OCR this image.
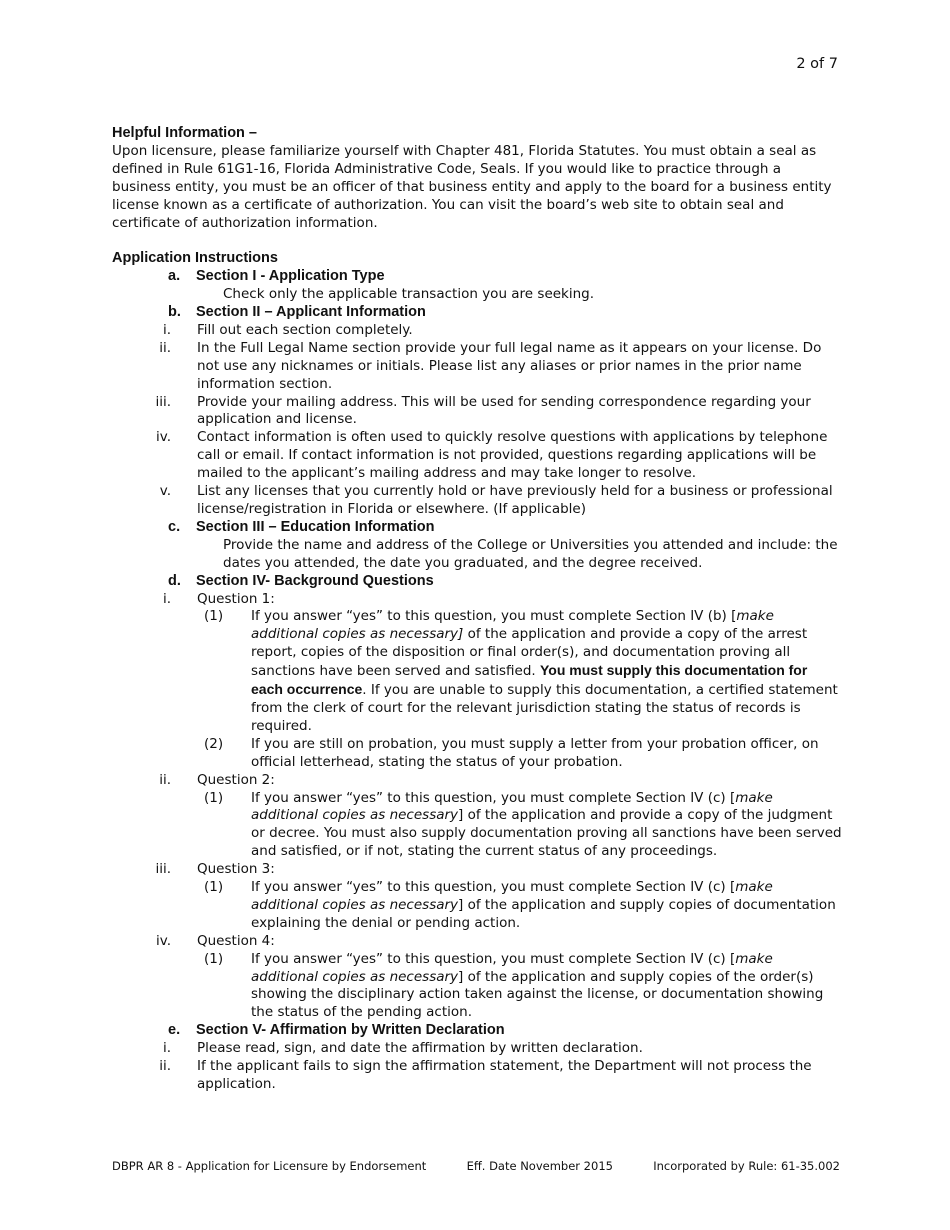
2 of 7
Helpful Information –

Upon licensure, please familiarize yourself with Chapter 481, Florida Statutes. You must obtain a seal as defined in Rule 61G1-16, Florida Administrative Code, Seals. If you would like to practice through a business entity, you must be an officer of that business entity and apply to the board for a business entity license known as a certificate of authorization. You can visit the board’s web site to obtain seal and certificate of authorization information.

Application Instructions
a.	Section I - Application Type
Check only the applicable transaction you are seeking.
b.	Section II – Applicant Information
i.	Fill out each section completely.
ii.	In the Full Legal Name section provide your full legal name as it appears on your license. Do not use any nicknames or initials. Please list any aliases or prior names in the prior name information section.
iii.	Provide your mailing address. This will be used for sending correspondence regarding your application and license.
iv.	Contact information is often used to quickly resolve questions with applications by telephone call or email. If contact information is not provided, questions regarding applications will be mailed to the applicant’s mailing address and may take longer to resolve.
v.	List any licenses that you currently hold or have previously held for a business or professional license/registration in Florida or elsewhere. (If applicable)
c.	Section III – Education Information
Provide the name and address of the College or Universities you attended and include: the dates you attended, the date you graduated, and the degree received.
d.	Section IV- Background Questions
i.	Question 1:
(1)	If you answer “yes” to this question, you must complete Section IV (b) [make additional copies as necessary] of the application and provide a copy of the arrest report, copies of the disposition or final order(s), and documentation proving all sanctions have been served and satisfied. You must supply this documentation for each occurrence. If you are unable to supply this documentation, a certified statement from the clerk of court for the relevant jurisdiction stating the status of records is required.
(2)	If you are still on probation, you must supply a letter from your probation officer, on official letterhead, stating the status of your probation.
ii.	Question 2:
(1)	If you answer “yes” to this question, you must complete Section IV (c) [make additional copies as necessary] of the application and provide a copy of the judgment or decree. You must also supply documentation proving all sanctions have been served and satisfied, or if not, stating the current status of any proceedings.
iii.	Question 3:
(1)	If you answer “yes” to this question, you must complete Section IV (c) [make additional copies as necessary] of the application and supply copies of documentation explaining the denial or pending action.
iv.	Question 4:
(1)	If you answer “yes” to this question, you must complete Section IV (c) [make additional copies as necessary] of the application and supply copies of the order(s) showing the disciplinary action taken against the license, or documentation showing the status of the pending action.
e.	Section V- Affirmation by Written Declaration
i.	Please read, sign, and date the affirmation by written declaration.
ii.	If the applicant fails to sign the affirmation statement, the Department will not process the application.
DBPR AR 8 - Application for Licensure by Endorsement	Eff. Date November 2015	Incorporated by Rule: 61-35.002
